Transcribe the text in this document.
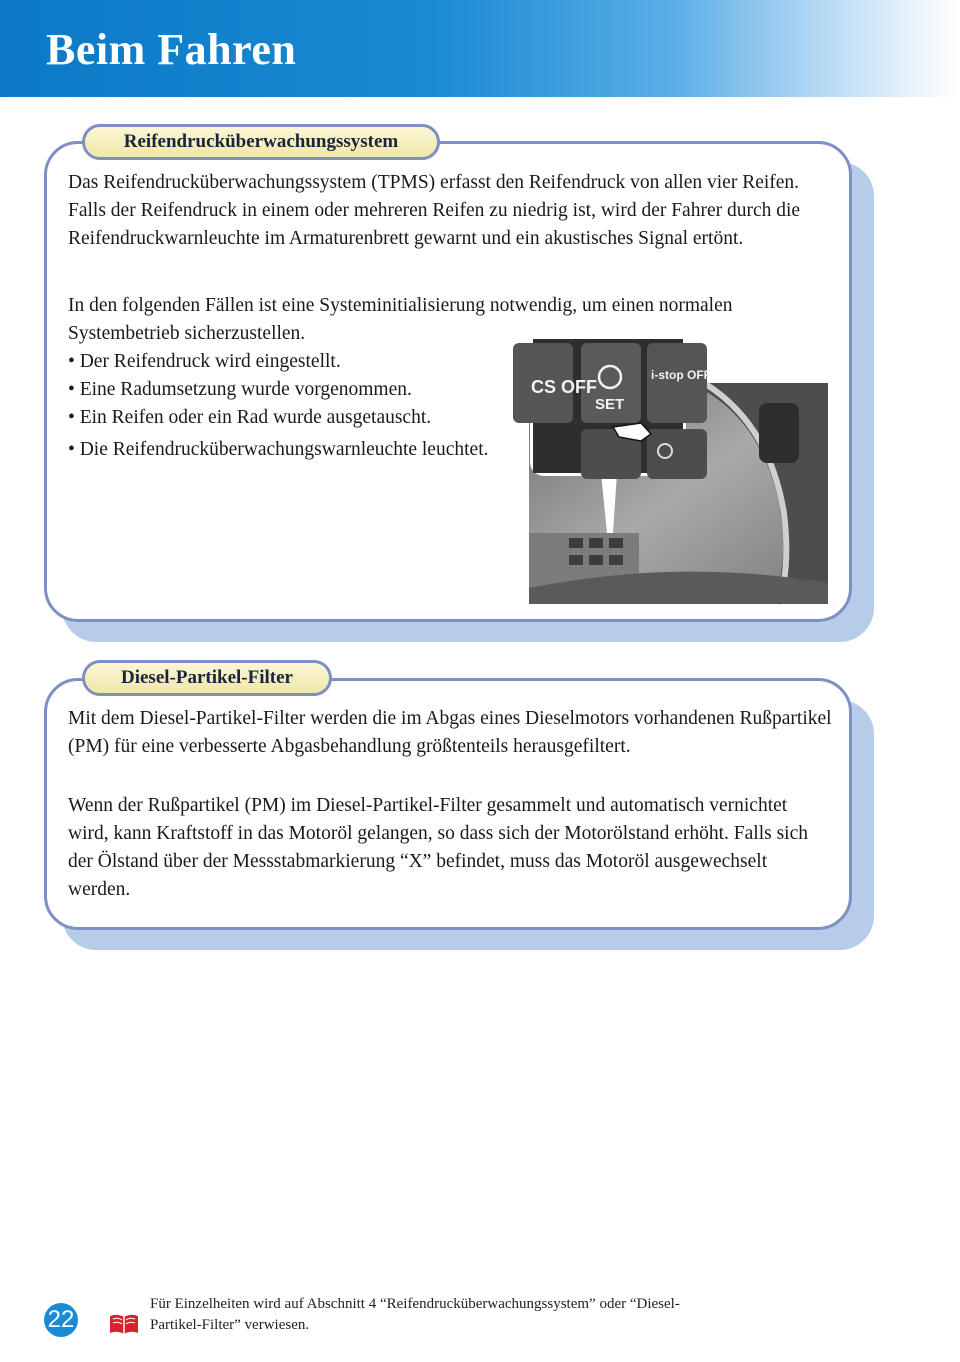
Beim Fahren
Reifendrucküberwachungssystem

Das Reifendrucküberwachungssystem (TPMS) erfasst den Reifendruck von allen vier Reifen. Falls der Reifendruck in einem oder mehreren Reifen zu niedrig ist, wird der Fahrer durch die Reifendruckwarnleuchte im Armaturenbrett gewarnt und ein akustisches Signal ertönt.

In den folgenden Fällen ist eine Systeminitialisierung notwendig, um einen normalen Systembetrieb sicherzustellen.

• Der Reifendruck wird eingestellt.
• Eine Radumsetzung wurde vorgenommen.
• Ein Reifen oder ein Rad wurde ausgetauscht.
• Die Reifendrucküberwachungswarnleuchte leuchtet.
CS OFF
SET
i-stop OFF
Diesel-Partikel-Filter

Mit dem Diesel-Partikel-Filter werden die im Abgas eines Dieselmotors vorhandenen Rußpartikel (PM) für eine verbesserte Abgasbehandlung größtenteils herausgefiltert.

Wenn der Rußpartikel (PM) im Diesel-Partikel-Filter gesammelt und automatisch vernichtet wird, kann Kraftstoff in das Motoröl gelangen, so dass sich der Motorölstand erhöht. Falls sich der Ölstand über der Messstabmarkierung “X” befindet, muss das Motoröl ausgewechselt werden.

22

Für Einzelheiten wird auf Abschnitt 4 “Reifendrucküberwachungssystem” oder “Diesel-Partikel-Filter” verwiesen.
